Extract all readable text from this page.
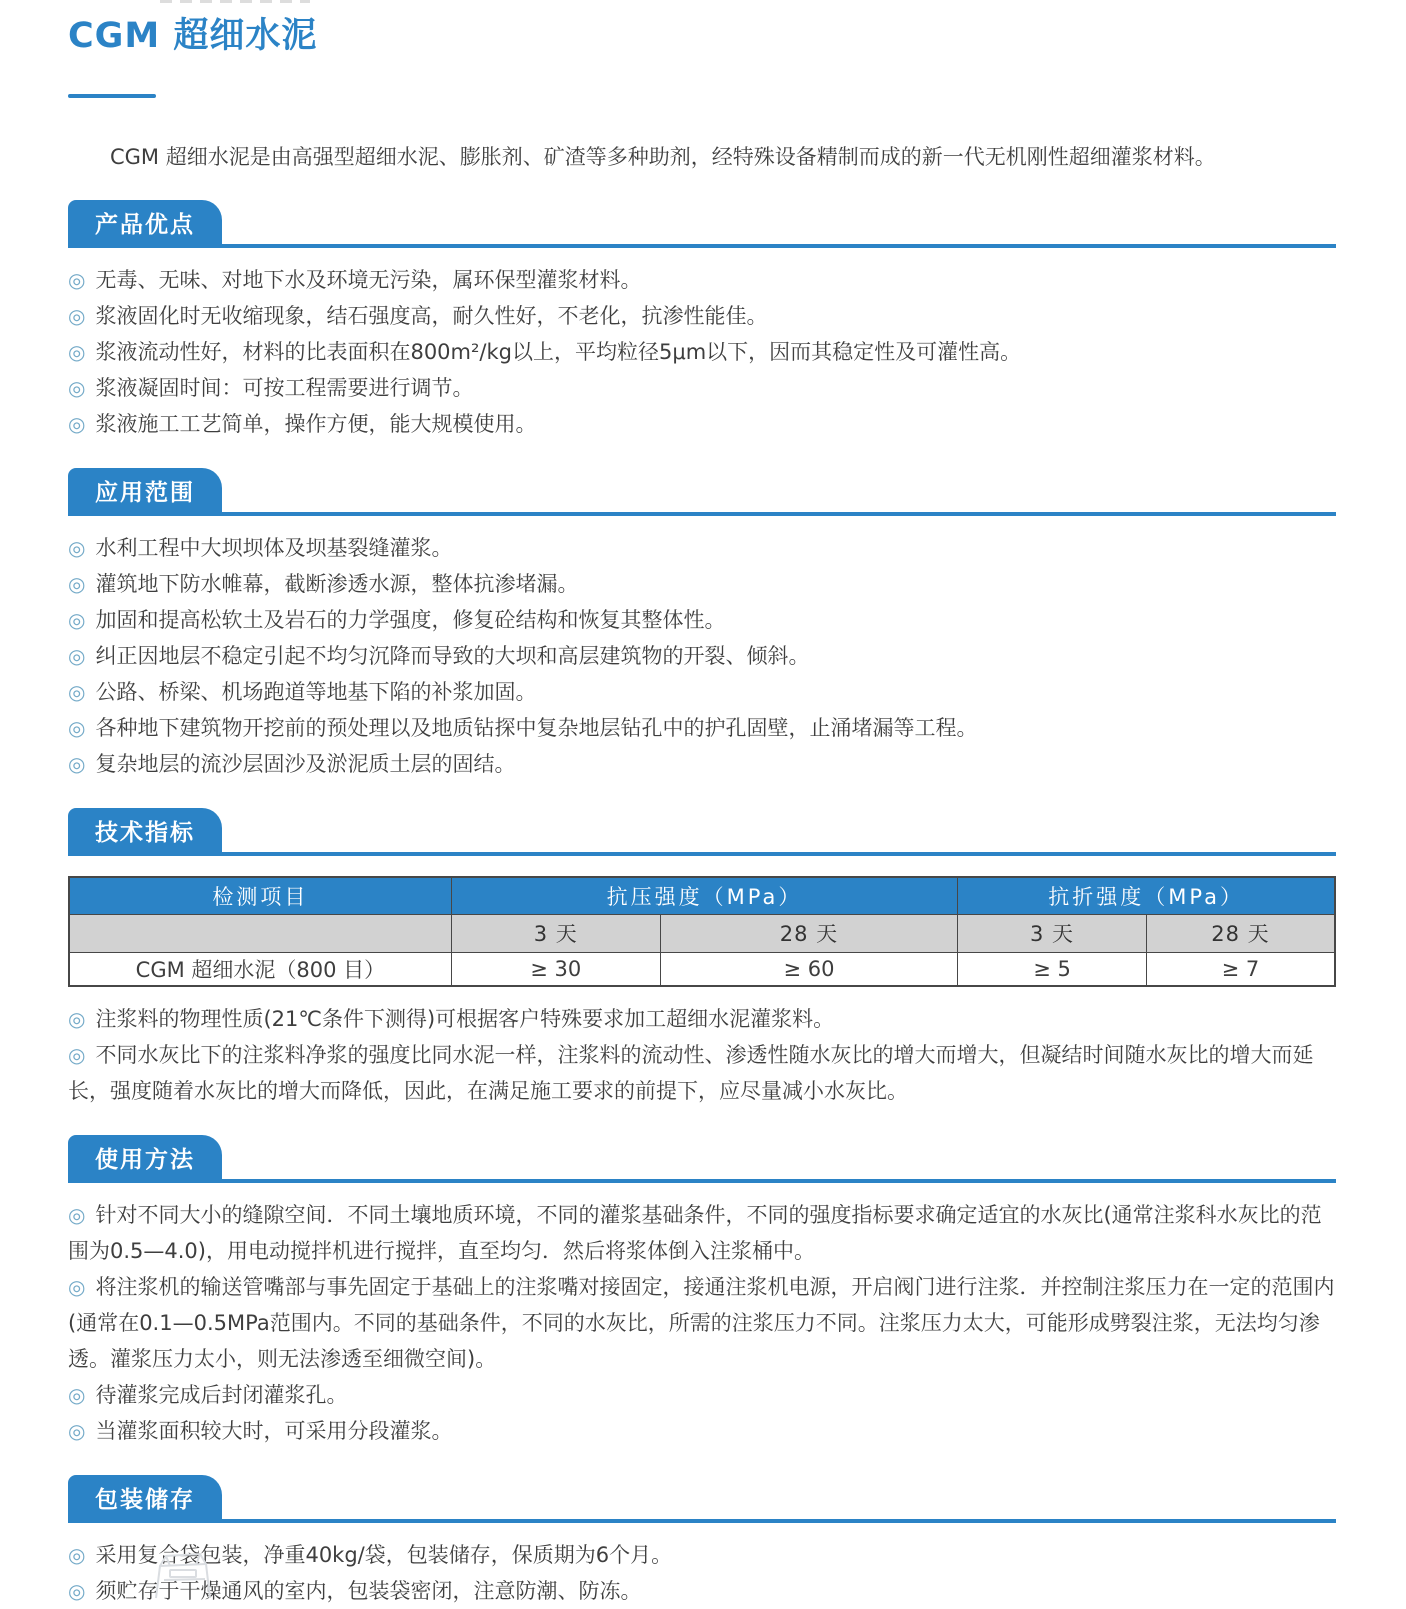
CGM 超细水泥

CGM 超细水泥是由高强型超细水泥、膨胀剂、矿渣等多种助剂，经特殊设备精制而成的新一代无机刚性超细灌浆材料。

产品优点
◎ 无毒、无味、对地下水及环境无污染，属环保型灌浆材料。
◎ 浆液固化时无收缩现象，结石强度高，耐久性好，不老化，抗渗性能佳。
◎ 浆液流动性好，材料的比表面积在800m²/kg以上，平均粒径5μm以下，因而其稳定性及可灌性高。
◎ 浆液凝固时间：可按工程需要进行调节。
◎ 浆液施工工艺简单，操作方便，能大规模使用。
应用范围
◎ 水利工程中大坝坝体及坝基裂缝灌浆。
◎ 灌筑地下防水帷幕，截断渗透水源，整体抗渗堵漏。
◎ 加固和提高松软土及岩石的力学强度，修复砼结构和恢复其整体性。
◎ 纠正因地层不稳定引起不均匀沉降而导致的大坝和高层建筑物的开裂、倾斜。
◎ 公路、桥梁、机场跑道等地基下陷的补浆加固。
◎ 各种地下建筑物开挖前的预处理以及地质钻探中复杂地层钻孔中的护孔固壁，止涌堵漏等工程。
◎ 复杂地层的流沙层固沙及淤泥质土层的固结。
技术指标
检测项目	抗压强度（MPa）		抗折强度（MPa）	
	3 天	28 天	3 天	28 天
CGM 超细水泥（800 目）	≥ 30	≥ 60	≥ 5	≥ 7
◎ 注浆料的物理性质(21℃条件下测得)可根据客户特殊要求加工超细水泥灌浆料。
◎ 不同水灰比下的注浆料净浆的强度比同水泥一样，注浆料的流动性、渗透性随水灰比的增大而增大，但凝结时间随水灰比的增大而延长，强度随着水灰比的增大而降低，因此，在满足施工要求的前提下，应尽量减小水灰比。
使用方法
◎ 针对不同大小的缝隙空间．不同土壤地质环境，不同的灌浆基础条件，不同的强度指标要求确定适宜的水灰比(通常注浆科水灰比的范围为0.5—4.0)，用电动搅拌机进行搅拌，直至均匀．然后将浆体倒入注浆桶中。
◎ 将注浆机的输送管嘴部与事先固定于基础上的注浆嘴对接固定，接通注浆机电源，开启阀门进行注浆．并控制注浆压力在一定的范围内(通常在0.1—0.5MPa范围内。不同的基础条件，不同的水灰比，所需的注浆压力不同。注浆压力太大，可能形成劈裂注浆，无法均匀渗透。灌浆压力太小，则无法渗透至细微空间)。
◎ 待灌浆完成后封闭灌浆孔。
◎ 当灌浆面积较大时，可采用分段灌浆。
包装储存
◎ 采用复合袋包装，净重40kg/袋，包装储存，保质期为6个月。
◎ 须贮存于干燥通风的室内，包装袋密闭，注意防潮、防冻。
